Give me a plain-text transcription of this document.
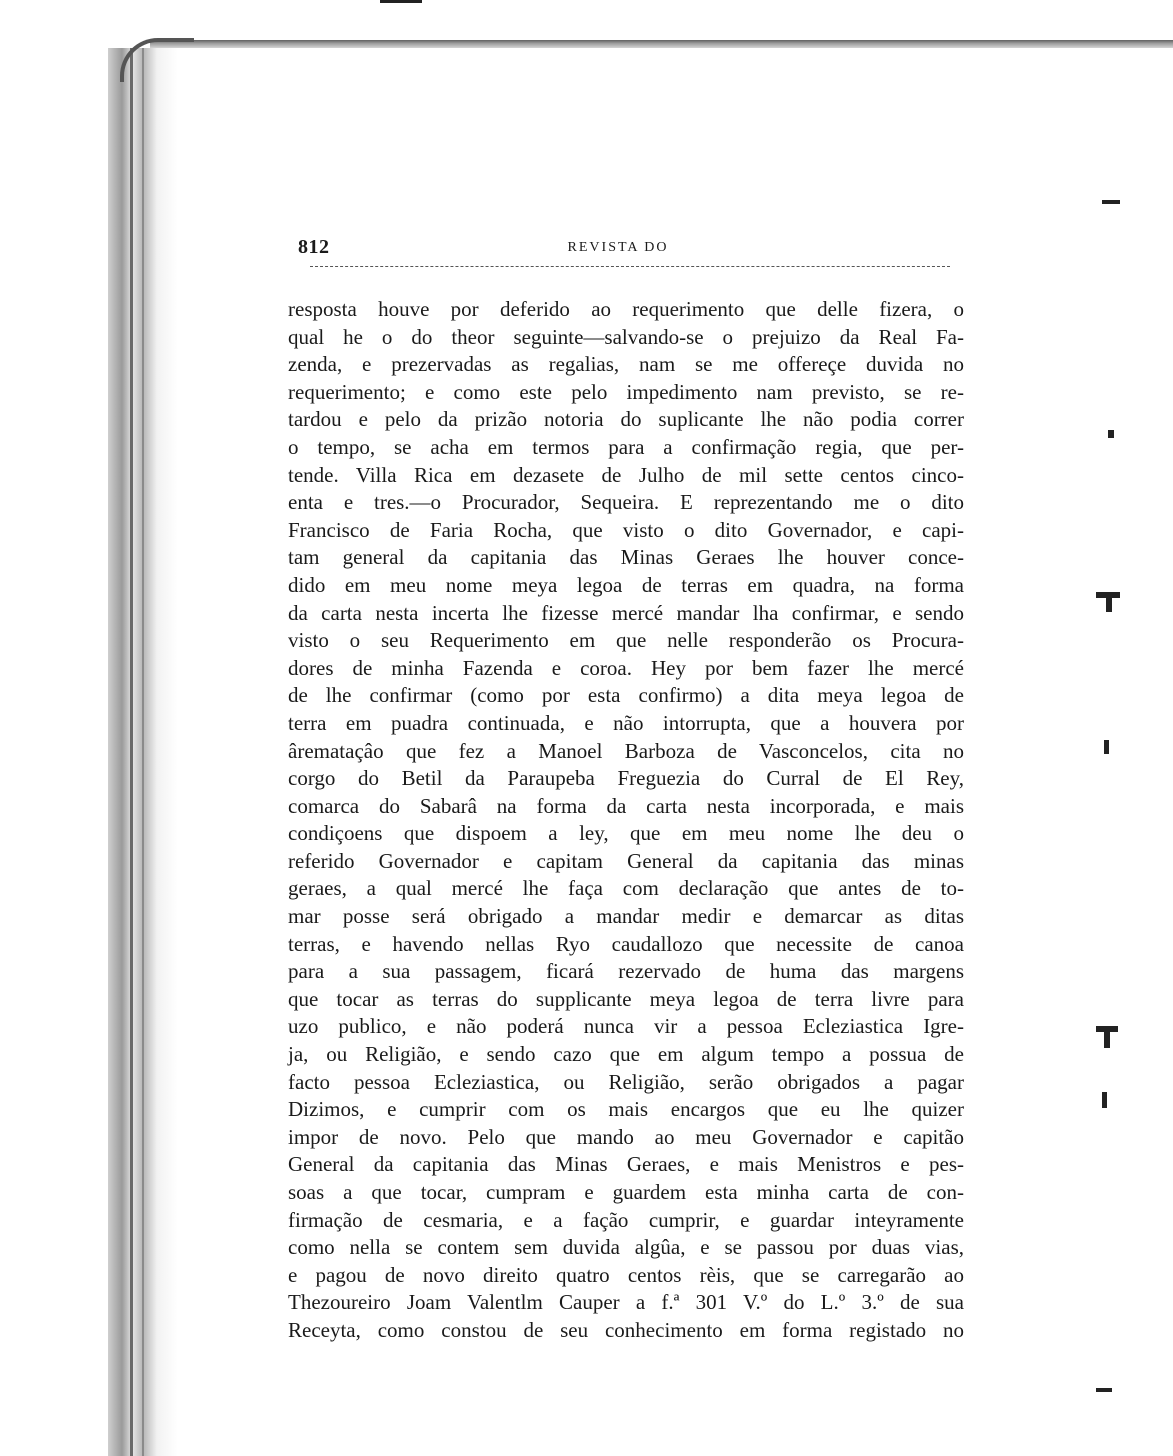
812	REVISTA DO
resposta houve por deferido ao requerimento que delle fizera, o
qual he o do theor seguinte—salvando-se o prejuizo da Real Fa-
zenda, e prezervadas as regalias, nam se me offereçe duvida no
requerimento; e como este pelo impedimento nam previsto, se re-
tardou e pelo da prizão notoria do suplicante lhe não podia correr
o tempo, se acha em termos para a confirmação regia, que per-
tende. Villa Rica em dezasete de Julho de mil sette centos cinco-
enta e tres.—o Procurador, Sequeira. E reprezentando me o dito
Francisco de Faria Rocha, que visto o dito Governador, e capi-
tam general da capitania das Minas Geraes lhe houver conce-
dido em meu nome meya legoa de terras em quadra, na forma
da carta nesta incerta lhe fizesse mercé mandar lha confirmar, e sendo
visto o seu Requerimento em que nelle responderão os Procura-
dores de minha Fazenda e coroa. Hey por bem fazer lhe mercé
de lhe confirmar (como por esta confirmo) a dita meya legoa de
terra em puadra continuada, e não intorrupta, que a houvera por
âremataçâo que fez a Manoel Barboza de Vasconcelos, cita no
corgo do Betil da Paraupeba Freguezia do Curral de El Rey,
comarca do Sabarâ na forma da carta nesta incorporada, e mais
condiçoens que dispoem a ley, que em meu nome lhe deu o
referido Governador e capitam General da capitania das minas
geraes, a qual mercé lhe faça com declaração que antes de to-
mar posse será obrigado a mandar medir e demarcar as ditas
terras, e havendo nellas Ryo caudallozo que necessite de canoa
para a sua passagem, ficará rezervado de huma das margens
que tocar as terras do supplicante meya legoa de terra livre para
uzo publico, e não poderá nunca vir a pessoa Ecleziastica Igre-
ja, ou Religião, e sendo cazo que em algum tempo a possua de
facto pessoa Ecleziastica, ou Religião, serão obrigados a pagar
Dizimos, e cumprir com os mais encargos que eu lhe quizer
impor de novo. Pelo que mando ao meu Governador e capitão
General da capitania das Minas Geraes, e mais Menistros e pes-
soas a que tocar, cumpram e guardem esta minha carta de con-
firmação de cesmaria, e a fação cumprir, e guardar inteyramente
como nella se contem sem duvida algûa, e se passou por duas vias,
e pagou de novo direito quatro centos rèis, que se carregarão ao
Thezoureiro Joam Valentlm Cauper a f.ª 301 V.º do L.º 3.º de sua
Receyta, como constou de seu conhecimento em forma registado no
